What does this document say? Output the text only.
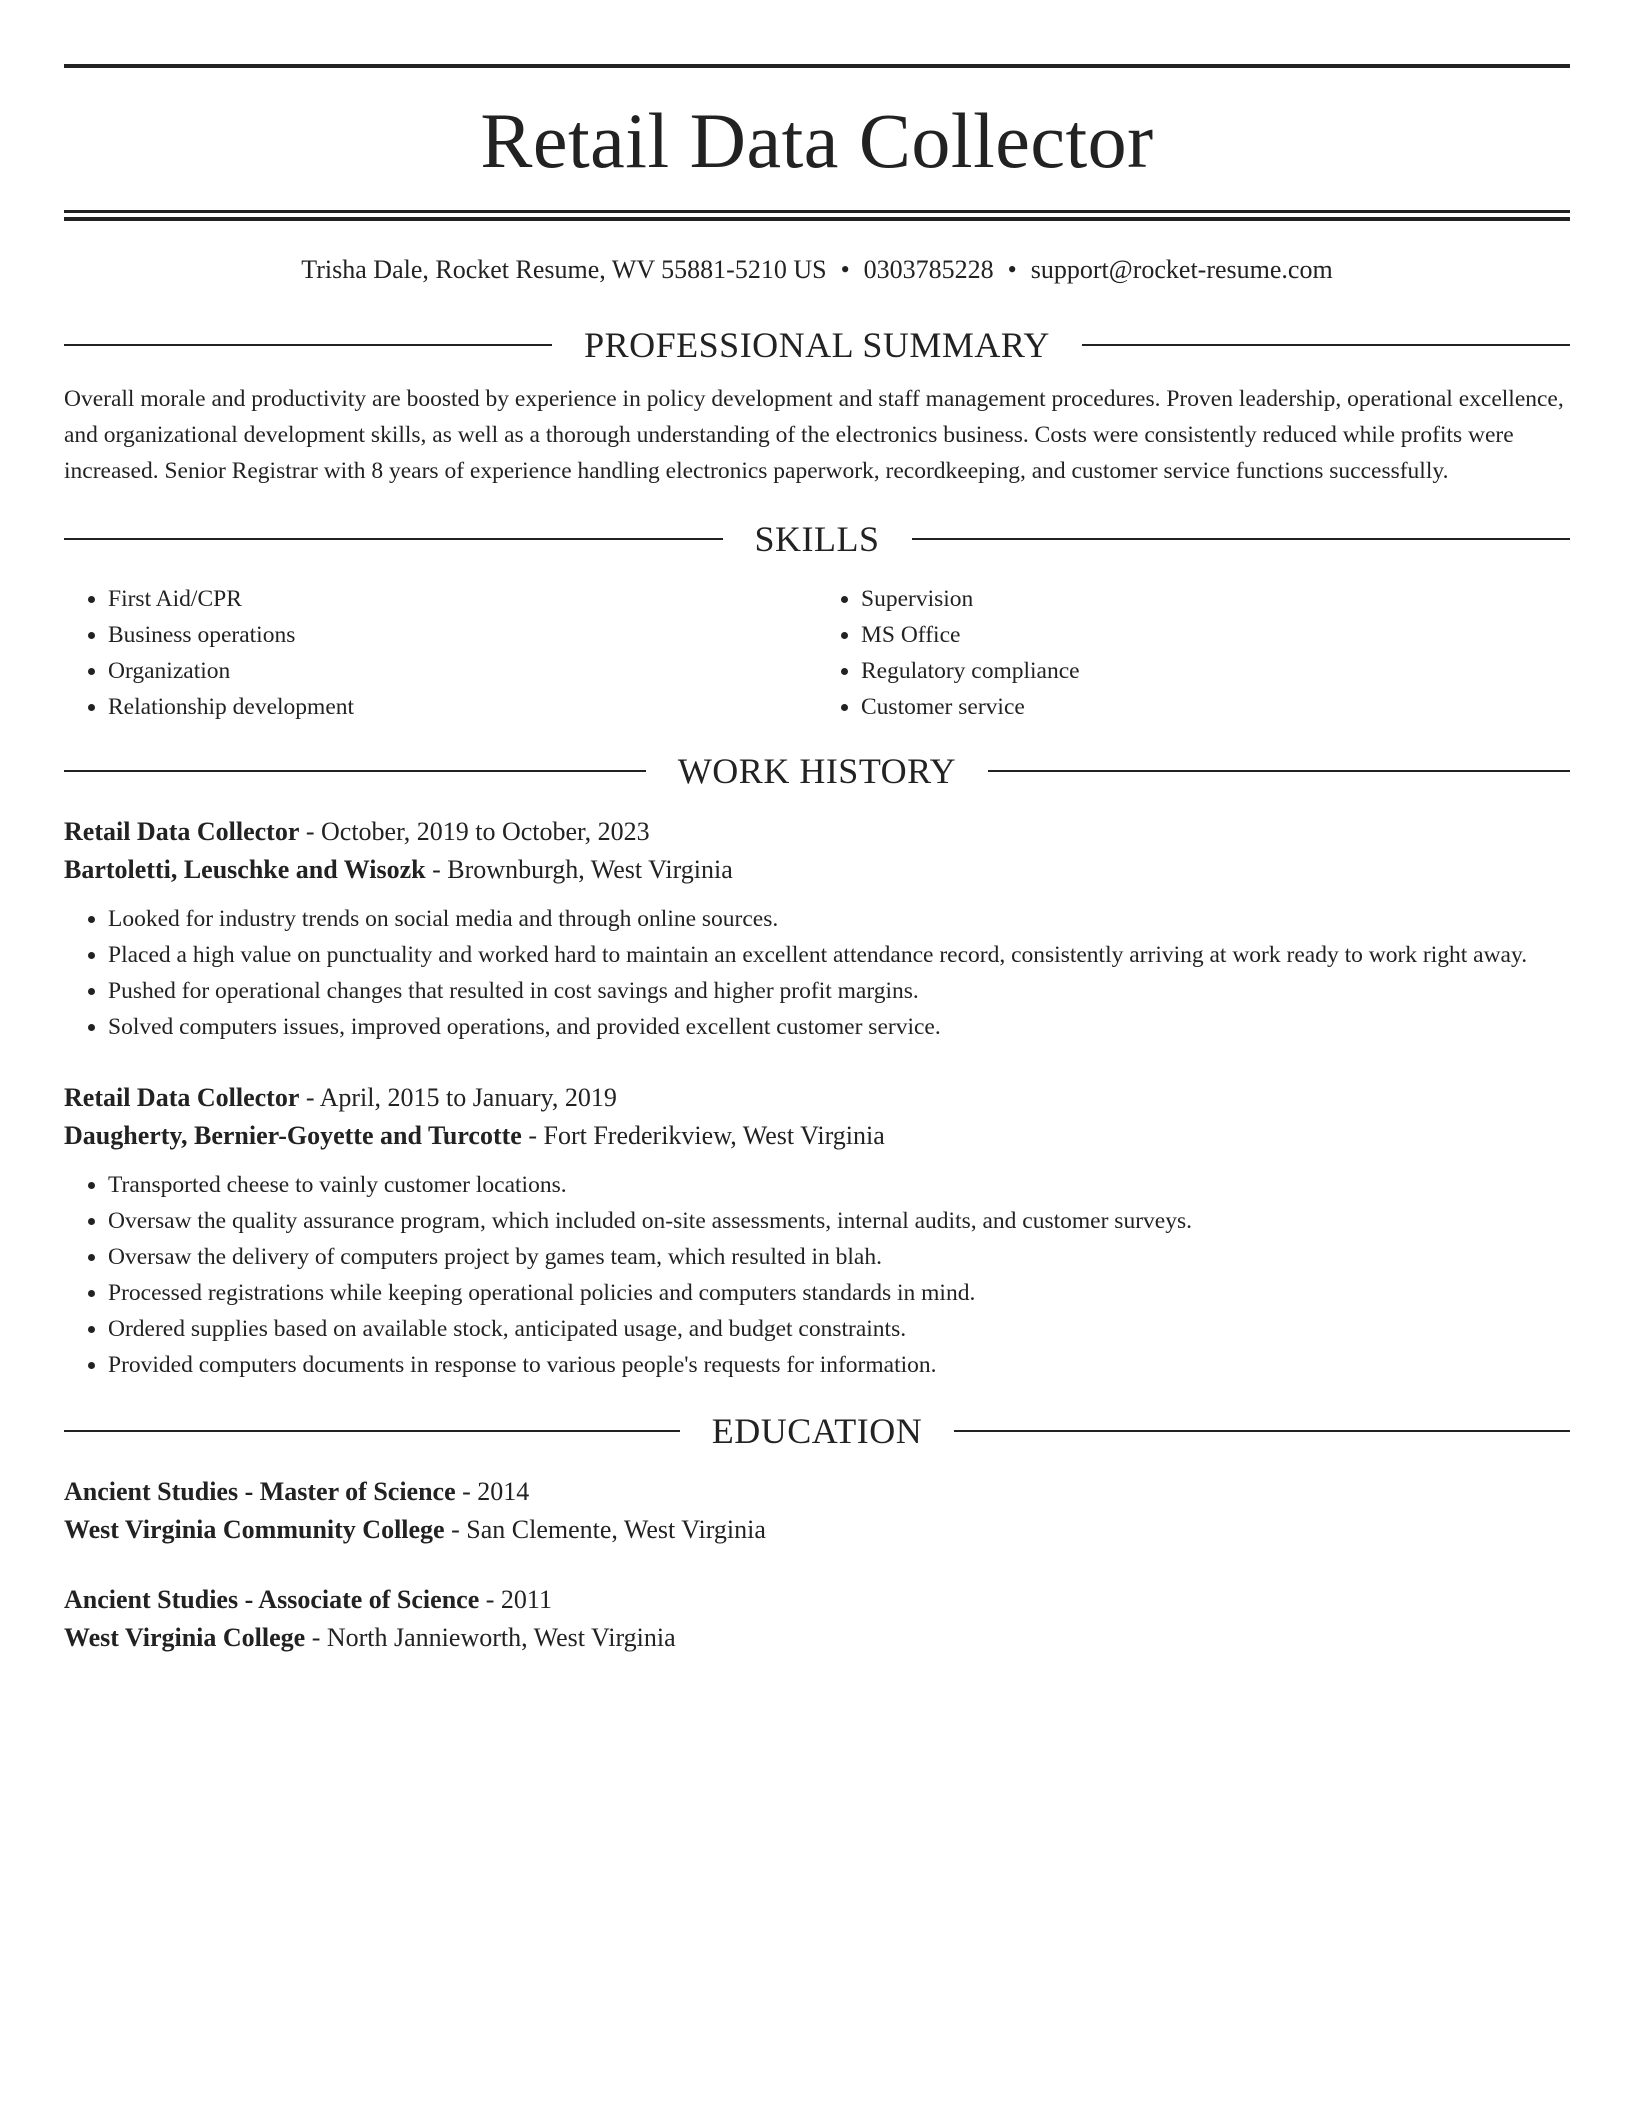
Retail Data Collector
Trisha Dale, Rocket Resume, WV 55881-5210 US • 0303785228 • support@rocket-resume.com
PROFESSIONAL SUMMARY
Overall morale and productivity are boosted by experience in policy development and staff management procedures. Proven leadership, operational excellence, and organizational development skills, as well as a thorough understanding of the electronics business. Costs were consistently reduced while profits were increased. Senior Registrar with 8 years of experience handling electronics paperwork, recordkeeping, and customer service functions successfully.
SKILLS
• First Aid/CPR
• Business operations
• Organization
• Relationship development
• Supervision
• MS Office
• Regulatory compliance
• Customer service
WORK HISTORY
Retail Data Collector - October, 2019 to October, 2023
Bartoletti, Leuschke and Wisozk - Brownburgh, West Virginia
• Looked for industry trends on social media and through online sources.
• Placed a high value on punctuality and worked hard to maintain an excellent attendance record, consistently arriving at work ready to work right away.
• Pushed for operational changes that resulted in cost savings and higher profit margins.
• Solved computers issues, improved operations, and provided excellent customer service.
Retail Data Collector - April, 2015 to January, 2019
Daugherty, Bernier-Goyette and Turcotte - Fort Frederikview, West Virginia
• Transported cheese to vainly customer locations.
• Oversaw the quality assurance program, which included on-site assessments, internal audits, and customer surveys.
• Oversaw the delivery of computers project by games team, which resulted in blah.
• Processed registrations while keeping operational policies and computers standards in mind.
• Ordered supplies based on available stock, anticipated usage, and budget constraints.
• Provided computers documents in response to various people's requests for information.
EDUCATION
Ancient Studies - Master of Science - 2014
West Virginia Community College - San Clemente, West Virginia
Ancient Studies - Associate of Science - 2011
West Virginia College - North Jannieworth, West Virginia
